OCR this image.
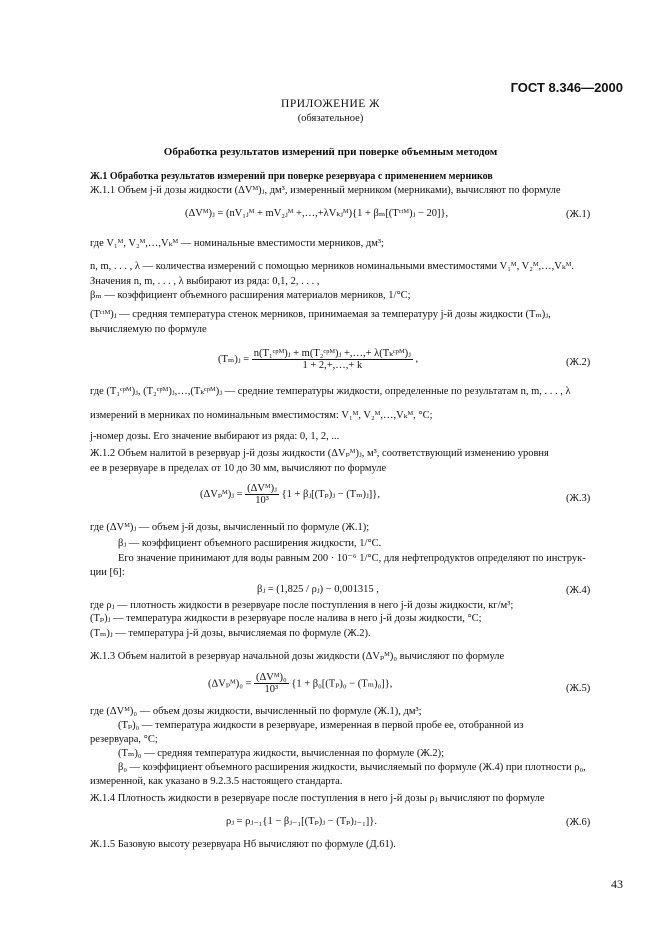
ГОСТ 8.346—2000
ПРИЛОЖЕНИЕ Ж
(обязательное)
Обработка результатов измерений при поверке объемным методом
Ж.1 Обработка результатов измерений при поверке резервуара с применением мерников
Ж.1.1 Объем j-й дозы жидкости (ΔVᴹ)ⱼ, дм³, измеренный мерником (мерниками), вычисляют по формуле
(ΔVᴹ)ⱼ = (nV₁ⱼᴹ + mV₂ⱼᴹ +,…,+λVₖⱼᴹ){1 + βₘ[(Tᶜᵗᴹ)ⱼ − 20]},	(Ж.1)
где V₁ᴹ, V₂ᴹ,…,Vₖᴹ — номинальные вместимости мерников, дм³;
n, m, . . . , λ — количества измерений с помощью мерников номинальными вместимостями V₁ᴹ, V₂ᴹ,…,Vₖᴹ.
Значения n, m, . . . , λ выбирают из ряда: 0,1, 2, . . . ,
βₘ — коэффициент объемного расширения материалов мерников, 1/°С;
(Tᶜᵗᴹ)ⱼ — средняя температура стенок мерников, принимаемая за температуру j-й дозы жидкости (Tₘ)ⱼ,
вычисляемую по формуле
(Tₘ)ⱼ = $\frac{\text{n(T₁ᶜᵖᴹ)ⱼ + m(T₂ᶜᵖᴹ)ⱼ +,…,+ λ(Tₖᶜᵖᴹ)ⱼ}}{1 + 2,+,\dots,+ k}$ ,	(Ж.2)
где (T₁ᶜᵖᴹ)ⱼ, (T₂ᶜᵖᴹ)ⱼ,…,(Tₖᶜᵖᴹ)ⱼ — средние температуры жидкости, определенные по результатам n, m, . . . , λ
измерений в мерниках по номинальным вместимостям: V₁ᴹ, V₂ᴹ,…,Vₖᴹ, °С;
j-номер дозы. Его значение выбирают из ряда: 0, 1, 2, ...
Ж.1.2 Объем налитой в резервуар j-й дозы жидкости (ΔVₚᴹ)ⱼ, м³, соответствующий изменению уровня
ее в резервуаре в пределах от 10 до 30 мм, вычисляют по формуле
(ΔVₚᴹ)ⱼ = $\frac{\text{(ΔVᴹ)ⱼ}}{\text{10³}} \{1$ + βⱼ[(Tₚ)ⱼ − (Tₘ)ⱼ]},	(Ж.3)
где (ΔVᴹ)ⱼ — объем j-й дозы, вычисленный по формуле (Ж.1);
βⱼ — коэффициент объемного расширения жидкости, 1/°С.
Его значение принимают для воды равным 200 · 10⁻⁶ 1/°С, для нефтепродуктов определяют по инструк-
ции [6]:
βⱼ = (1,825 / ρⱼ) − 0,001315 ,	(Ж.4)
где ρⱼ — плотность жидкости в резервуаре после поступления в него j-й дозы жидкости, кг/м³;
(Tₚ)ⱼ — температура жидкости в резервуаре после налива в него j-й дозы жидкости, °С;
(Tₘ)ⱼ — температура j-й дозы, вычисляемая по формуле (Ж.2).
Ж.1.3 Объем налитой в резервуар начальной дозы жидкости (ΔVₚᴹ)₀ вычисляют по формуле
(ΔVₚᴹ)₀ = $\frac{\text{(ΔVᴹ)₀}}{\text{10³}} \{1 + \beta_0[(T_p)_0 - (T_m)_0]\}$,	(Ж.5)
где (ΔVᴹ)₀ — объем дозы жидкости, вычисленный по формуле (Ж.1), дм³;
(Tₚ)₀ — температура жидкости в резервуаре, измеренная в первой пробе ее, отобранной из
резервуара, °С;
(Tₘ)₀ — средняя температура жидкости, вычисленная по формуле (Ж.2);
β₀ — коэффициент объемного расширения жидкости, вычисляемый по формуле (Ж.4) при плотности ρ₀,
измеренной, как указано в 9.2.3.5 настоящего стандарта.
Ж.1.4 Плотность жидкости в резервуаре после поступления в него j-й дозы ρⱼ вычисляют по формуле
ρⱼ = ρⱼ₋₁{1 − βⱼ₋₁[(Tₚ)ⱼ − (Tₚ)ⱼ₋₁]}.	(Ж.6)
Ж.1.5 Базовую высоту резервуара Hб вычисляют по формуле (Д.61).
43
